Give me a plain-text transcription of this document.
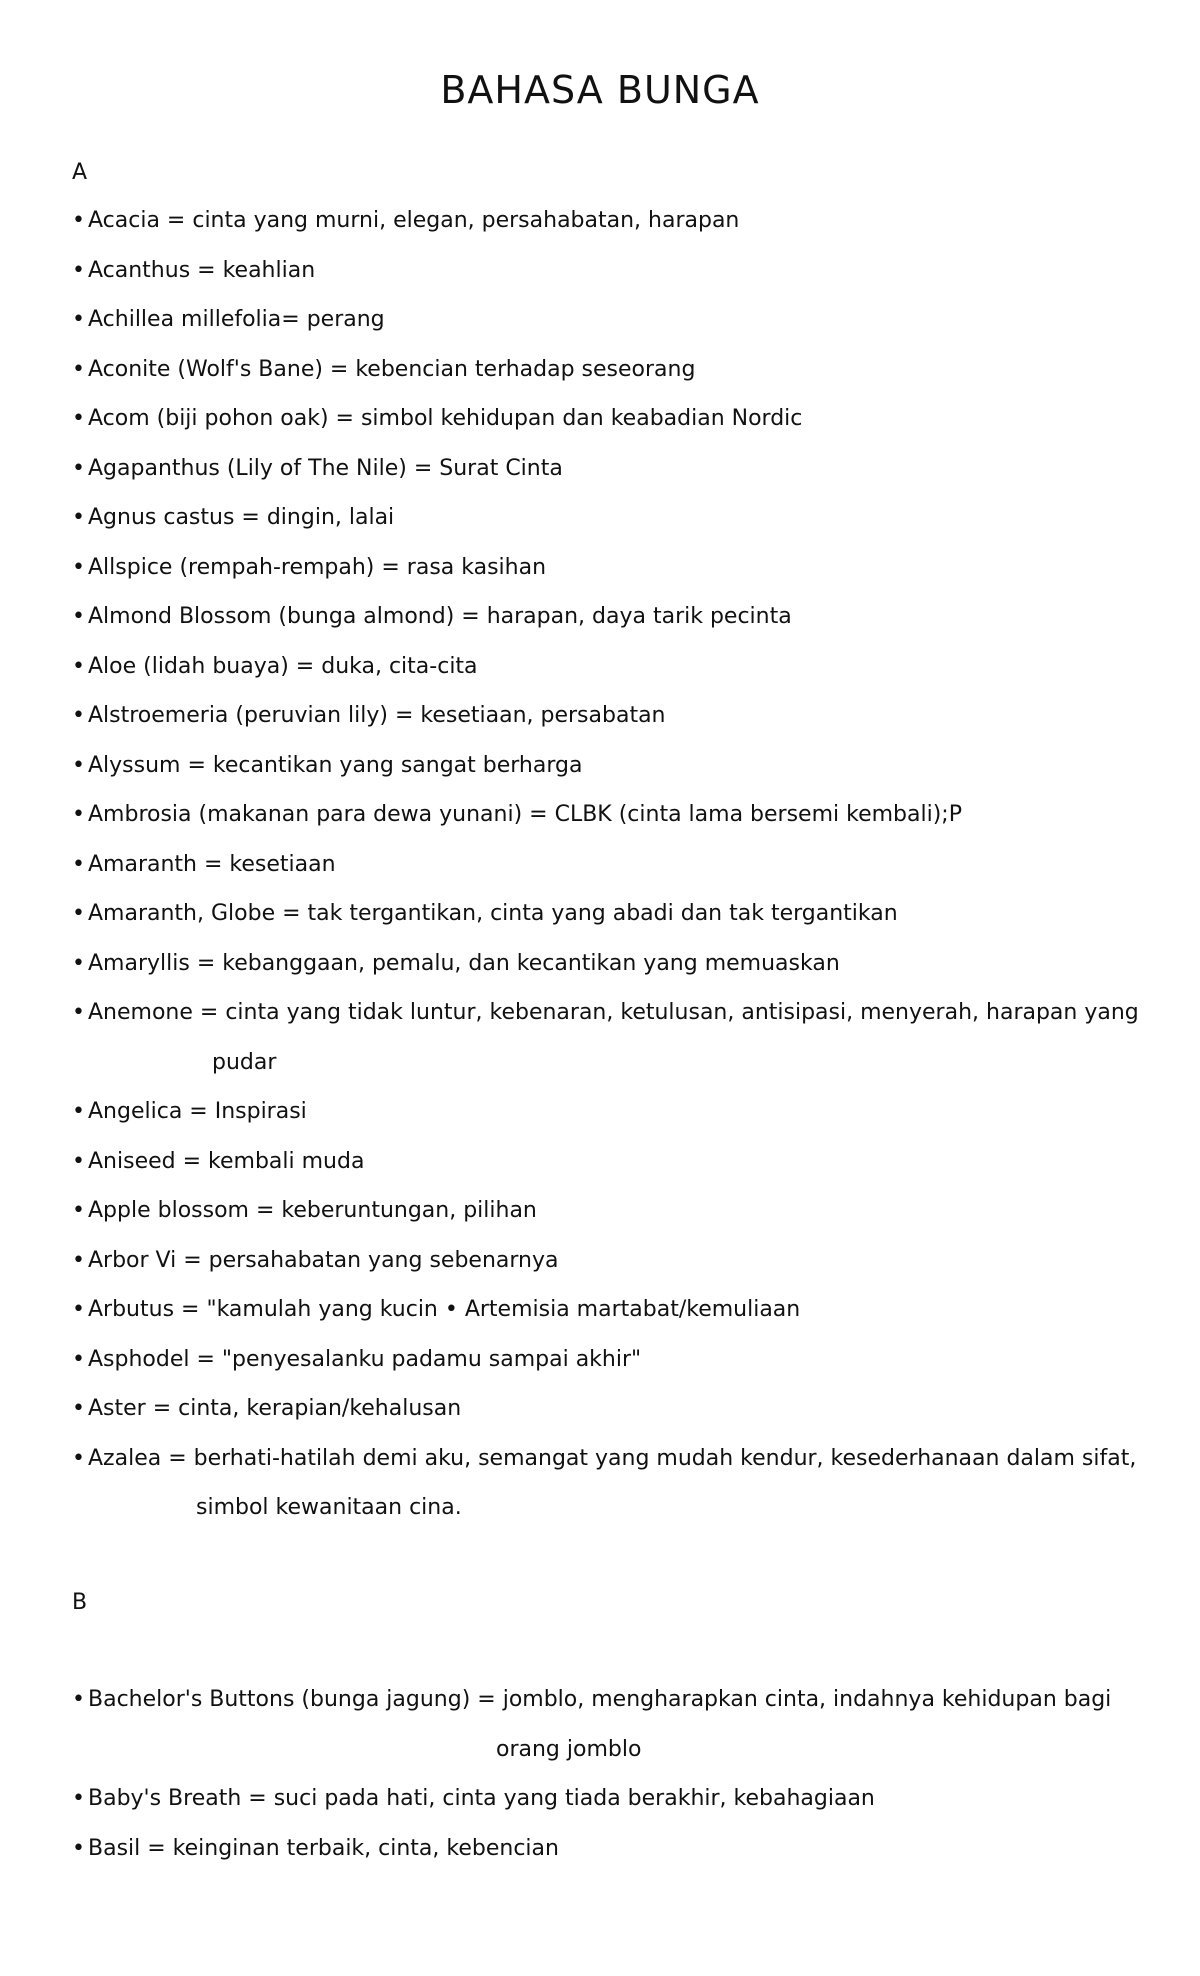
BAHASA BUNGA
A
• Acacia = cinta yang murni, elegan, persahabatan, harapan
• Acanthus = keahlian
• Achillea millefolia= perang
• Aconite (Wolf's Bane) = kebencian terhadap seseorang
• Acom (biji pohon oak) = simbol kehidupan dan keabadian Nordic
• Agapanthus (Lily of The Nile) = Surat Cinta
• Agnus castus = dingin, lalai
• Allspice (rempah-rempah) = rasa kasihan
• Almond Blossom (bunga almond) = harapan, daya tarik pecinta
• Aloe (lidah buaya) = duka, cita-cita
• Alstroemeria (peruvian lily) = kesetiaan, persabatan
• Alyssum = kecantikan yang sangat berharga
• Ambrosia (makanan para dewa yunani) = CLBK (cinta lama bersemi kembali);P
• Amaranth = kesetiaan
• Amaranth, Globe = tak tergantikan, cinta yang abadi dan tak tergantikan
• Amaryllis = kebanggaan, pemalu, dan kecantikan yang memuaskan
• Anemone = cinta yang tidak luntur, kebenaran, ketulusan, antisipasi, menyerah, harapan yang
pudar
• Angelica = Inspirasi
• Aniseed = kembali muda
• Apple blossom = keberuntungan, pilihan
• Arbor Vi = persahabatan yang sebenarnya
• Arbutus = "kamulah yang kucin • Artemisia martabat/kemuliaan
• Asphodel = "penyesalanku padamu sampai akhir"
• Aster = cinta, kerapian/kehalusan
• Azalea = berhati-hatilah demi aku, semangat yang mudah kendur, kesederhanaan dalam sifat,
simbol kewanitaan cina.
B
• Bachelor's Buttons (bunga jagung) = jomblo, mengharapkan cinta, indahnya kehidupan bagi
orang jomblo
• Baby's Breath = suci pada hati, cinta yang tiada berakhir, kebahagiaan
• Basil = keinginan terbaik, cinta, kebencian
